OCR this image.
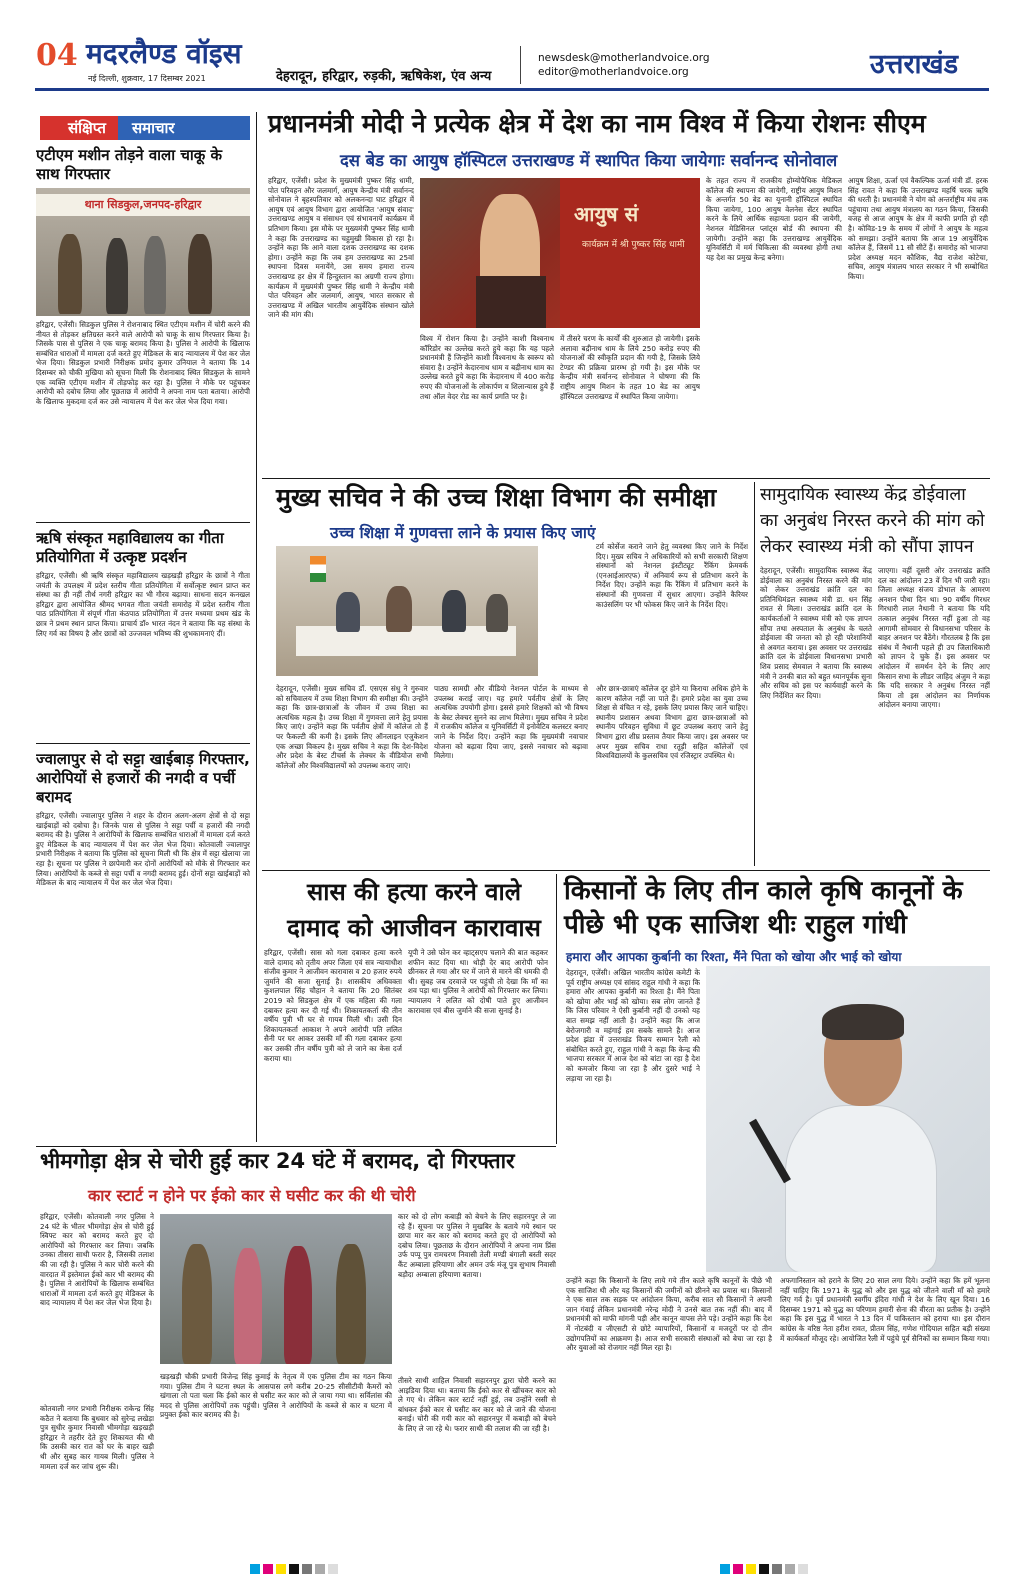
04 मदरलैण्ड वॉइस
नई दिल्ली, शुक्रवार, 17 दिसम्बर 2021	देहरादून, हरिद्वार, रुड़की, ऋषिकेश, एंव अन्य
newsdesk@motherlandvoice.org
editor@motherlandvoice.org	उत्तराखंड
संक्षिप्त	समाचार
एटीएम मशीन तोड़ने वाला चाकू के साथ गिरफ्तार
थाना सिडकुल,जनपद-हरिद्वार
हरिद्वार, एजेंसी। सिडकुल पुलिस ने रोशनाबाद स्थित एटीएम मशीन में चोरी करने की नीयत से तोड़कर क्षतिग्रस्त करने वाले आरोपी को चाकू के साथ गिरफ्तार किया है। जिसके पास से पुलिस ने एक चाकू बरामद किया है। पुलिस ने आरोपी के खिलाफ सम्बंधित धाराओं में मामला दर्ज करते हुए मेडिकल के बाद न्यायालय में पेश कर जेल भेज दिया। सिडकुल प्रभारी निरीक्षक प्रमोद कुमार उनियाल ने बताया कि 14 दिसम्बर को चौकी मुखिया को सूचना मिली कि रोशनाबाद स्थित सिडकुल के सामने एक व्यक्ति एटीएम मशीन में तोड़फोड़ कर रहा है। पुलिस ने मौके पर पहुंचकर आरोपी को दबोच लिया और पूछताछ में आरोपी ने अपना नाम पता बताया। आरोपी के खिलाफ मुकदमा दर्ज कर उसे न्यायालय में पेश कर जेल भेज दिया गया।
ऋषि संस्कृत महाविद्यालय का गीता प्रतियोगिता में उत्कृष्ट प्रदर्शन
हरिद्वार, एजेंसी। श्री ऋषि संस्कृत महाविद्यालय खड़खड़ी हरिद्वार के छात्रों ने गीता जयंती के उपलक्ष्य में प्रदेश स्तरीय गीता प्रतियोगिता में सर्वोत्कृष्ट स्थान प्राप्त कर संस्था का ही नहीं तीर्थ नगरी हरिद्वार का भी गौरव बढ़ाया। साधना सदन कनखल हरिद्वार द्वारा आयोजित श्रीमद भगवत गीता जयंती समारोह में प्रदेश स्तरीय गीता पाठ प्रतियोगिता में संपूर्ण गीता कंठपाठ प्रतियोगिता में उत्तर मध्यमा प्रथम खंड के छात्र ने प्रथम स्थान प्राप्त किया। प्राचार्य डॉ० भारत नंदन ने बताया कि यह संस्था के लिए गर्व का विषय है और छात्रों को उज्जवल भविष्य की शुभकामनाएं दीं।
ज्वालापुर से दो सट्टा खाईबाड़ गिरफ्तार, आरोपियों से हजारों की नगदी व पर्ची बरामद
हरिद्वार, एजेंसी। ज्वालापुर पुलिस ने शहर के दौरान अलग-अलग क्षेत्रों से दो सट्टा खाईबाड़ों को दबोचा है। जिनके पास से पुलिस ने सट्टा पर्ची व हजारों की नगदी बरामद की है। पुलिस ने आरोपियों के खिलाफ सम्बंधित धाराओं में मामला दर्ज करते हुए मेडिकल के बाद न्यायालय में पेश कर जेल भेज दिया। कोतवाली ज्वालापुर प्रभारी निरीक्षक ने बताया कि पुलिस को सूचना मिली थी कि क्षेत्र में सट्टा खेलाया जा रहा है। सूचना पर पुलिस ने छापेमारी कर दोनों आरोपियों को मौके से गिरफ्तार कर लिया। आरोपियों के कब्जे से सट्टा पर्ची व नगदी बरामद हुई। दोनों सट्टा खाईबाड़ों को मेडिकल के बाद न्यायालय में पेश कर जेल भेज दिया।
प्रधानमंत्री मोदी ने प्रत्येक क्षेत्र में देश का नाम विश्व में किया रोशनः सीएम
दस बेड का आयुष हॉस्पिटल उत्तराखण्ड में स्थापित किया जायेगाः सर्वानन्द सोनोवाल
हरिद्वार, एजेंसी। प्रदेश के मुख्यमंत्री पुष्कर सिंह धामी, पोत परिवहन और जलमार्ग, आयुष केन्द्रीय मंत्री सर्वानन्द सोनोवाल ने बृहस्पतिवार को अलकनन्दा घाट हरिद्वार में आयुष एवं आयुष विभाग द्वारा आयोजित 'आयुष संवाद' उत्तराखण्ड आयुष व संसाधन एवं संभावनायें कार्यक्रम में प्रतिभाग किया। इस मौके पर मुख्यमंत्री पुष्कर सिंह धामी ने कहा कि उत्तराखण्ड का चहुमुखी विकास हो रहा है। उन्होंने कहा कि आने वाला दशक उत्तराखण्ड का दशक होगा। उन्होंने कहा कि जब हम उत्तराखण्ड का 25वां स्थापना दिवस मनायेंगे, उस समय हमारा राज्य उत्तराखण्ड हर क्षेत्र में हिन्दुस्तान का अग्रणी राज्य होगा। कार्यक्रम में मुख्यमंत्री पुष्कर सिंह धामी ने केन्द्रीय मंत्री पोत परिवहन और जलमार्ग, आयुष, भारत सरकार से उत्तराखण्ड में अखिल भारतीय आयुर्वेदिक संस्थान खोले जाने की मांग की।
आयुष सं
कार्यक्रम में श्री पुष्कर सिंह धामी
विश्व में रोशन किया है। उन्होंने काशी विश्वनाथ कॉरिडोर का उल्लेख करते हुये कहा कि यह पहले प्रधानमंत्री हैं जिन्होंने काशी विश्वनाथ के स्वरूप को संवारा है। उन्होंने केदारनाथ धाम व बद्रीनाथ धाम का उल्लेख करते हुये कहा कि केदारनाथ में 400 करोड़ रुपए की योजनाओं के लोकार्पण व शिलान्यास हुये हैं तथा ऑल वेदर रोड का कार्य प्रगति पर है।
में तीसरे चरण के कार्यों की शुरुआत हो जायेगी। इसके अलावा बद्रीनाथ धाम के लिये 250 करोड़ रुपए की योजनाओं की स्वीकृति प्रदान की गयी है, जिसके लिये टेण्डर की प्रक्रिया प्रारम्भ हो गयी है। इस मौके पर केन्द्रीय मंत्री सर्वानन्द सोनोवाल ने घोषणा की कि राष्ट्रीय आयुष मिशन के तहत 10 बेड का आयुष हॉस्पिटल उत्तराखण्ड में स्थापित किया जायेगा।
के तहत राज्य में राजकीय होम्योपैथिक मेडिकल कॉलेज की स्थापना की जायेगी, राष्ट्रीय आयुष मिशन के अन्तर्गत 50 बेड का यूनानी हॉस्पिटल स्थापित किया जायेगा, 100 आयुष वेलनेस सेंटर स्थापित करने के लिये आर्थिक सहायता प्रदान की जायेगी, नेशनल मेडिसिनल प्लांट्स बोर्ड की स्थापना की जायेगी। उन्होंने कहा कि उत्तराखण्ड आयुर्वेदिक यूनिवर्सिटी में मर्म चिकित्सा की व्यवस्था होगी तथा यह देश का प्रमुख केन्द्र बनेगा।
आयुष शिक्षा, ऊर्जा एवं वैकल्पिक ऊर्जा मंत्री डॉ. हरक सिंह रावत ने कहा कि उत्तराखण्ड महर्षि चरक ऋषि की धरती है। प्रधानमंत्री ने योग को अन्तर्राष्ट्रीय मंच तक पहुंचाया तथा आयुष मंत्रालय का गठन किया, जिसकी वजह से आज आयुष के क्षेत्र में काफी प्रगति हो रही है। कोविड-19 के समय में लोगों ने आयुष के महत्व को समझा। उन्होंने बताया कि आज 19 आयुर्वेदिक कॉलेज हैं, जिसमें 11 सौ सीटें हैं। समारोह को भाजपा प्रदेश अध्यक्ष मदन कौशिक, वैद्य राजेश कोटेचा, सचिव, आयुष मंत्रालय भारत सरकार ने भी सम्बोधित किया।
मुख्य सचिव ने की उच्च शिक्षा विभाग की समीक्षा
उच्च शिक्षा में गुणवत्ता लाने के प्रयास किए जाएं
टर्म कोर्सेज कराने जाने हेतु व्यवस्था किए जाने के निर्देश दिए। मुख्य सचिव ने अधिकारियों को सभी सरकारी शिक्षण संस्थानों को नेशनल इंस्टीट्यूट रैंकिंग फ्रेमवर्क (एनआईआरएफ) में अनिवार्य रूप से प्रतिभाग करने के निर्देश दिए। उन्होंने कहा कि रैंकिंग में प्रतिभाग करने के संस्थानों की गुणवत्ता में सुधार आएगा। उन्होंने कैरियर काउंसलिंग पर भी फोकस किए जाने के निर्देश दिए।
देहरादून, एजेंसी। मुख्य सचिव डॉ. एसएस संधु ने गुरुवार को सचिवालय में उच्च शिक्षा विभाग की समीक्षा की। उन्होंने कहा कि छात्र-छात्राओं के जीवन में उच्च शिक्षा का अत्यधिक महत्व है। उच्च शिक्षा में गुणवत्ता लाने हेतु प्रयास किए जाएं। उन्होंने कहा कि पर्वतीय क्षेत्रों में कॉलेज तो हैं पर फैकल्टी की कमी है। इसके लिए ऑनलाइन एजुकेशन एक अच्छा विकल्प है। मुख्य सचिव ने कहा कि देश-विदेश और प्रदेश के बेस्ट टीचर्स के लेक्चर के वीडियोज सभी कॉलेजों और विश्वविद्यालयों को उपलब्ध कराए जाएं।
पाठ्य सामग्री और वीडियो नेशनल पोर्टल के माध्यम से उपलब्ध कराई जाए। यह हमारे पर्वतीय क्षेत्रों के लिए अत्यधिक उपयोगी होगा। इससे हमारे शिक्षकों को भी विषय के बेस्ट लेक्चर सुनने का लाभ मिलेगा। मुख्य सचिव ने प्रदेश में राजकीय कॉलेज व यूनिवर्सिटी में इनोवेटिव कलस्टर बनाए जाने के निर्देश दिए। उन्होंने कहा कि मुख्यमंत्री नवाचार योजना को बढ़ावा दिया जाए, इससे नवाचार को बढ़ावा मिलेगा।
और छात्र-छात्राएं कॉलेज दूर होने या किराया अधिक होने के कारण कॉलेज नहीं जा पाते हैं। हमारे प्रदेश का युवा उच्च शिक्षा से वंचित न रहे, इसके लिए प्रयास किए जाने चाहिए। स्थानीय प्रशासन अथवा विभाग द्वारा छात्र-छात्राओं को स्थानीय परिवहन सुविधा में छूट उपलब्ध कराए जाने हेतु विभाग द्वारा शीघ्र प्रस्ताव तैयार किया जाए। इस अवसर पर अपर मुख्य सचिव राधा रतूड़ी सहित कॉलेजों एवं विश्वविद्यालयों के कुलसचिव एवं रजिस्ट्रार उपस्थित थे।
सामुदायिक स्वास्थ्य केंद्र डोईवाला का अनुबंध निरस्त करने की मांग को लेकर स्वास्थ्य मंत्री को सौंपा ज्ञापन
देहरादून, एजेंसी। सामुदायिक स्वास्थ्य केंद्र डोईवाला का अनुबंध निरस्त करने की मांग को लेकर उत्तराखंड क्रांति दल का प्रतिनिधिमंडल स्वास्थ्य मंत्री डा. धन सिंह रावत से मिला। उत्तराखंड क्रांति दल के कार्यकर्ताओं ने स्वास्थ्य मंत्री को एक ज्ञापन सौंपा तथा अस्पताल के अनुबंध के चलते डोईवाला की जनता को हो रही परेशानियों से अवगत कराया। इस अवसर पर उत्तराखंड क्रांति दल के डोईवाला विधानसभा प्रभारी शिव प्रसाद सेमवाल ने बताया कि स्वास्थ्य मंत्री ने उनकी बात को बहुत ध्यानपूर्वक सुना और सचिव को इस पर कार्यवाही करने के लिए निर्देशित कर दिया।
जाएगा। वहीं दूसरी ओर उत्तराखंड क्रांति दल का आंदोलन 23 वें दिन भी जारी रहा। जिला अध्यक्ष संजय डोभाल के आमरण अनशन पौथा दिन था। 90 वर्षीय गिरधर गिरधारी लाल नैथानी ने बताया कि यदि तत्काल अनुबंध निरस्त नहीं हुआ तो वह आगामी सोमवार से विधानसभा परिसर के बाहर अनशन पर बैठेंगे। गौरतलब है कि इस संबंध में नैथानी पहले ही उप जिलाधिकारी को ज्ञापन दे चुके हैं। इस अवसर पर आंदोलन में समर्थन देने के लिए आए किसान सभा के लीडर जाहिद अंजुम ने कहा कि यदि सरकार ने अनुबंध निरस्त नहीं किया तो इस आंदोलन का निर्णायक आंदोलन बनाया जाएगा।
सास की हत्या करने वाले दामाद को आजीवन कारावास
हरिद्वार, एजेंसी। सास को गला दबाकर हत्या करने वाले दामाद को तृतीय अपर जिला एवं सत्र न्यायाधीश संजीव कुमार ने आजीवन कारावास व 20 हजार रुपये जुर्माने की सजा सुनाई है। शासकीय अधिवक्ता कुशलपाल सिंह चौहान ने बताया कि 20 सितंबर 2019 को सिडकुल क्षेत्र में एक महिला की गला दबाकर हत्या कर दी गई थी। शिकायतकर्ता की तीन वर्षीय पुत्री भी घर से गायब मिली थी। उसी दिन शिकायतकर्ता आकाश ने अपने आरोपी पति ललित सैनी पर घर आकर उसकी माँ की गला दबाकर हत्या कर उसकी तीन वर्षीय पुत्री को ले जाने का केस दर्ज कराया था।
यूपी ने उसे फोन कर व्हाट्सएप चलाने की बात कहकर शफीन काट दिया था। थोड़ी देर बाद आरोपी फोन छीनकर ले गया और घर में जाने से मारने की धमकी दी थी। सुबह जब दरवाजे पर पहुंची तो देखा कि माँ का शव पड़ा था। पुलिस ने आरोपी को गिरफ्तार कर लिया। न्यायालय ने ललित को दोषी पाते हुए आजीवन कारावास एवं बीस जुर्माने की सजा सुनाई है।
किसानों के लिए तीन काले कृषि कानूनों के पीछे भी एक साजिश थीः राहुल गांधी
हमारा और आपका कुर्बानी का रिश्ता, मैंने पिता को खोया और भाई को खोया
देहरादून, एजेंसी। अखिल भारतीय कांग्रेस कमेटी के पूर्व राष्ट्रीय अध्यक्ष एवं सांसद राहुल गांधी ने कहा कि हमारा और आपका कुर्बानी का रिश्ता है। मैंने पिता को खोया और भाई को खोया। सब लोग जानते हैं कि जिस परिवार ने ऐसी कुर्बानी नहीं दी उनको यह बात समझ नहीं आती है। उन्होंने कहा कि आज बेरोजगारी व महंगाई हम सबके सामने है। आज प्रदेश झंडा में उत्तराखंड विजय सम्मान रैली को संबोधित करते हुए, राहुल गांधी ने कहा कि केन्द्र की भाजपा सरकार में आज देश को बांटा जा रहा है देश को कमजोर किया जा रहा है और दुसरे भाई ने लड़ाया जा रहा है।
उन्होंने कहा कि किसानों के लिए लाये गये तीन काले कृषि कानूनों के पीछे भी एक साजिश थी और यह किसानों की जमीनों को छीनने का प्रयास था। किसानों ने एक साल तक सड़क पर आंदोलन किया, करीब सात सौ किसानों ने अपनी जान गंवाई लेकिन प्रधानमंत्री नरेन्द्र मोदी ने उनसे बात तक नहीं की। बाद में प्रधानमंत्री को माफी मांगनी पड़ी और कानून वापस लेने पड़े। उन्होंने कहा कि देश में नोटबंदी व जीएसटी से छोटे व्यापारियों, किसानों व मजदूरों पर दो तीन उद्योगपतियों का आक्रमण है। आज सभी सरकारी संस्थाओं को बेचा जा रहा है और युवाओं को रोजगार नहीं मिल रहा है।
अफगानिस्तान को हराने के लिए 20 साल लगा दिये। उन्होंने कहा कि हमें भूलना नहीं चाहिए कि 1971 के युद्ध को और इस युद्ध को जीतने वाली माँ को हमारे लिए गर्व है। पूर्व प्रधानमंत्री स्वर्गीय इंदिरा गांधी ने देश के लिए खून दिया। 16 दिसम्बर 1971 को युद्ध का परिणाम हमारी सेना की वीरता का प्रतीक है। उन्होंने कहा कि इस युद्ध में भारत ने 13 दिन में पाकिस्तान को हराया था। इस दौरान कांग्रेस के वरिष्ठ नेता हरीश रावत, प्रीतम सिंह, गणेश गोदियाल सहित बड़ी संख्या में कार्यकर्ता मौजूद रहे। आयोजित रैली में पहुंचे पूर्व सैनिकों का सम्मान किया गया।
भीमगोड़ा क्षेत्र से चोरी हुई कार 24 घंटे में बरामद, दो गिरफ्तार
कार स्टार्ट न होने पर ईको कार से घसीट कर की थी चोरी
हरिद्वार, एजेंसी। कोतवाली नगर पुलिस ने 24 घंटे के भीतर भीमगोड़ा क्षेत्र से चोरी हुई स्विफ्ट कार को बरामद करते हुए दो आरोपियों को गिरफ्तार कर लिया। जबकि उनका तीसरा साथी फरार है, जिसकी तलाश की जा रही है। पुलिस ने कार चोरी करने की वारदात में इस्तेमाल ईको कार भी बरामद की है। पुलिस ने आरोपियों के खिलाफ सम्बंधित धाराओं में मामला दर्ज करते हुए मेडिकल के बाद न्यायालय में पेश कर जेल भेज दिया है।
कार को दो लोग कबाड़ी को बेचने के लिए सहारनपुर ले जा रहे हैं। सूचना पर पुलिस ने मुखबिर के बताये गये स्थान पर छापा मार कर कार को बरामद करते हुए दो आरोपियों को दबोच लिया। पूछताछ के दौरान आरोपियों ने अपना नाम प्रिंस उर्फ पप्पू पुत्र रामचरण निवासी तेली मण्डी बंगाली बस्ती सदर कैंट अम्बाला हरियाणा और अमन उर्फ मंजू पुत्र सुभाष निवासी बड़ौदा अम्बाला हरियाणा बताया।
कोतवाली नगर प्रभारी निरीक्षक राकेन्द्र सिंह कठैत ने बताया कि बुधवार को सुरेन्द्र लखेड़ा पुत्र सुधीर कुमार निवासी भीमगोड़ा खड़खड़ी हरिद्वार ने तहरीर देते हुए शिकायत की थी कि उसकी कार रात को घर के बाहर खड़ी थी और सुबह कार गायब मिली। पुलिस ने मामला दर्ज कर जांच शुरू की।
खड़खड़ी चौकी प्रभारी विजेन्द्र सिंह कुमाई के नेतृत्व में एक पुलिस टीम का गठन किया गया। पुलिस टीम ने घटना स्थल के आसपास लगे करीब 20-25 सीसीटीवी कैमरों को खंगाला तो पता चला कि ईको कार से घसीट कर कार को ले जाया गया था। सर्विलांस की मदद से पुलिस आरोपियों तक पहुंची। पुलिस ने आरोपियों के कब्जे से कार व घटना में प्रयुक्त ईको कार बरामद की है।
तीसरे साथी शाहिल निवासी सहारनपुर द्वारा चोरी करने का आइडिया दिया था। बताया कि ईको कार से खींचकर कार को ले गए थे। लेकिन कार स्टार्ट नहीं हुई, तब उन्होंने रस्सी से बांधकर ईको कार से घसीट कर कार को ले जाने की योजना बनाई। चोरी की गयी कार को सहारनपुर में कबाड़ी को बेचने के लिए ले जा रहे थे। फरार साथी की तलाश की जा रही है।
